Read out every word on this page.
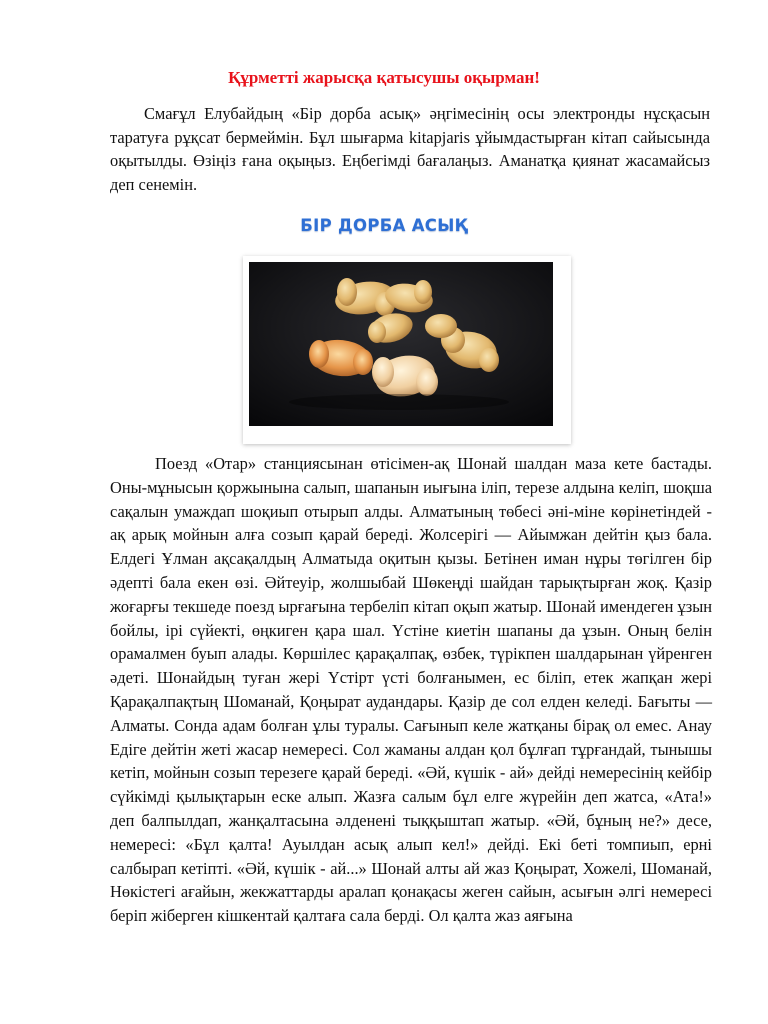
Құрметті жарысқа қатысушы оқырман!
Смағұл Елубайдың «Бір дорба асық» әңгімесінің осы электронды нұсқасын таратуға рұқсат бермеймін. Бұл шығарма kitapjaris ұйымдастырған кітап сайысында оқытылды. Өзіңіз ғана оқыңыз. Еңбегімді бағалаңыз. Аманатқа қиянат жасамайсыз деп сенемін.
БІР ДОРБА АСЫҚ
Поезд «Отар» станциясынан өтісімен-ақ Шонай шалдан маза кете бастады. Оны-мұнысын қоржынына салып, шапанын иығына іліп, терезе алдына келіп, шоқша сақалын умаждап шоқиып отырып алды. Алматының төбесі әні-міне көрінетіндей - ақ арық мойнын алға созып қарай береді. Жолсерігі — Айымжан дейтін қыз бала. Елдегі Ұлман ақсақалдың Алматыда оқитын қызы. Бетінен иман нұры төгілген бір әдепті бала екен өзі. Әйтеуір, жолшыбай Шөкеңді шайдан тарықтырған жоқ. Қазір жоғарғы текшеде поезд ырғағына тербеліп кітап оқып жатыр. Шонай имендеген ұзын бойлы, ірі сүйекті, өңкиген қара шал. Үстіне киетін шапаны да ұзын. Оның белін орамалмен буып алады. Көршілес қарақалпақ, өзбек, түрікпен шалдарынан үйренген әдеті. Шонайдың туған жері Үстірт үсті болғанымен, ес біліп, етек жапқан жері Қарақалпақтың Шоманай, Қоңырат аудандары. Қазір де сол елден келеді. Бағыты — Алматы. Сонда адам болған ұлы туралы. Сағынып келе жатқаны бірақ ол емес. Анау Едіге дейтін жеті жасар немересі. Сол жаманы алдан қол бұлғап тұрғандай, тынышы кетіп, мойнын созып терезеге қарай береді. «Әй, күшік - ай» дейді немересінің кейбір сүйкімді қылықтарын еске алып. Жазға салым бұл елге жүрейін деп жатса, «Ата!» деп балпылдап, жанқалтасына әлденені тыққыштап жатыр. «Әй, бұның не?» десе, немересі: «Бұл қалта! Ауылдан асық алып кел!» дейді. Екі беті томпиып, ерні салбырап кетіпті. «Әй, күшік - ай...» Шонай алты ай жаз Қоңырат, Хожелі, Шоманай, Нөкістегі ағайын, жекжаттарды аралап қонақасы жеген сайын, асығын әлгі немересі беріп жіберген кішкентай қалтаға сала берді. Ол қалта жаз аяғына
